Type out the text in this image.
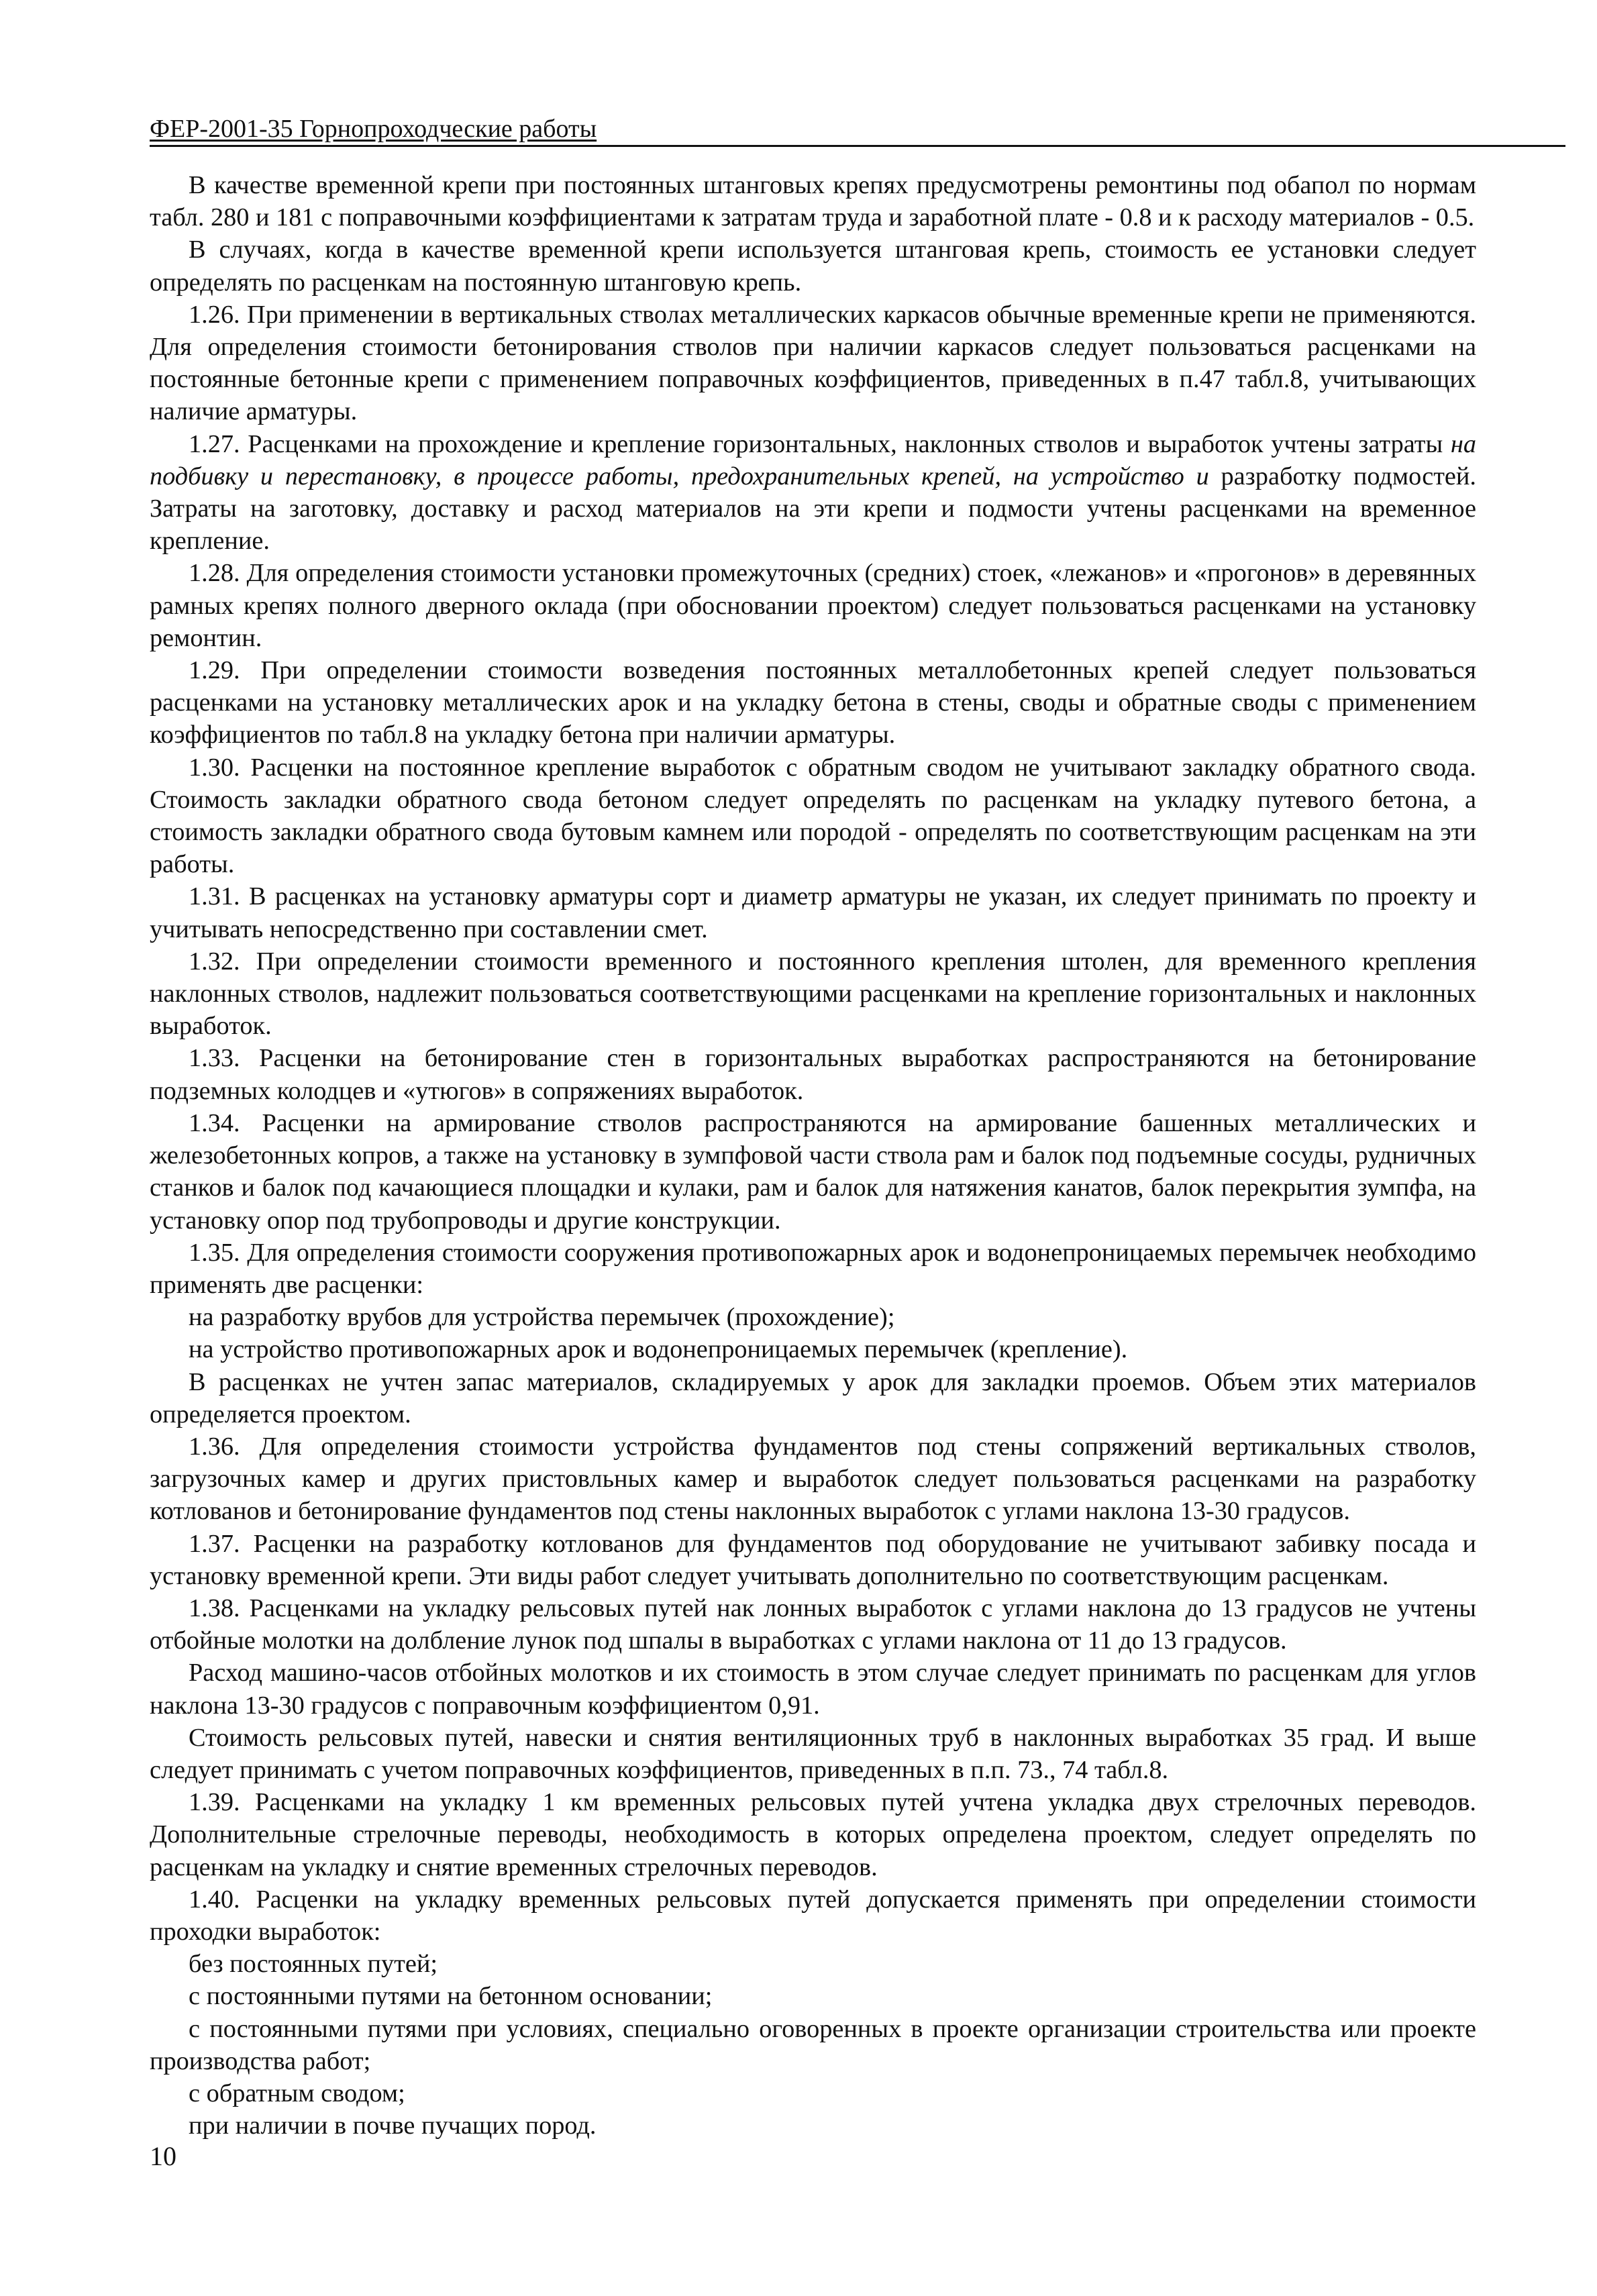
ФЕР-2001-35 Горнопроходческие работы

В качестве временной крепи при постоянных штанговых крепях предусмотрены ремонтины под обапол по нормам табл. 280 и 181 с поправочными коэффициентами к затратам труда и заработной плате - 0.8 и к расходу материалов - 0.5.

В случаях, когда в качестве временной крепи используется штанговая крепь, стоимость ее установки следует определять по расценкам на постоянную штанговую крепь.

1.26. При применении в вертикальных стволах металлических каркасов обычные временные крепи не применяются. Для определения стоимости бетонирования стволов при наличии каркасов следует пользоваться расценками на постоянные бетонные крепи с применением поправочных коэффициентов, приведенных в п.47 табл.8, учитывающих наличие арматуры.

1.27. Расценками на прохождение и крепление горизонтальных, наклонных стволов и выработок учтены затраты на подбивку и перестановку, в процессе работы, предохранительных крепей, на устройство и разработку подмостей. Затраты на заготовку, доставку и расход материалов на эти крепи и подмости учтены расценками на временное крепление.

1.28. Для определения стоимости установки промежуточных (средних) стоек, «лежанов» и «прогонов» в деревянных рамных крепях полного дверного оклада (при обосновании проектом) следует пользоваться расценками на установку ремонтин.

1.29. При определении стоимости возведения постоянных металлобетонных крепей следует пользоваться расценками на установку металлических арок и на укладку бетона в стены, своды и обратные своды с применением коэффициентов по табл.8 на укладку бетона при наличии арматуры.

1.30. Расценки на постоянное крепление выработок с обратным сводом не учитывают закладку обратного свода. Стоимость закладки обратного свода бетоном следует определять по расценкам на укладку путевого бетона, а стоимость закладки обратного свода бутовым камнем или породой - определять по соответствующим расценкам на эти работы.

1.31. В расценках на установку арматуры сорт и диаметр арматуры не указан, их следует принимать по проекту и учитывать непосредственно при составлении смет.

1.32. При определении стоимости временного и постоянного крепления штолен, для временного крепления наклонных стволов, надлежит пользоваться соответствующими расценками на крепление горизонтальных и наклонных выработок.

1.33. Расценки на бетонирование стен в горизонтальных выработках распространяются на бетонирование подземных колодцев и «утюгов» в сопряжениях выработок.

1.34. Расценки на армирование стволов распространяются на армирование башенных металлических и железобетонных копров, а также на установку в зумпфовой части ствола рам и балок под подъемные сосуды, рудничных станков и балок под качающиеся площадки и кулаки, рам и балок для натяжения канатов, балок перекрытия зумпфа, на установку опор под трубопроводы и другие конструкции.

1.35. Для определения стоимости сооружения противопожарных арок и водонепроницаемых перемычек необходимо применять две расценки:

на разработку врубов для устройства перемычек (прохождение);

на устройство противопожарных арок и водонепроницаемых перемычек (крепление).

В расценках не учтен запас материалов, складируемых у арок для закладки проемов. Объем этих материалов определяется проектом.

1.36. Для определения стоимости устройства фундаментов под стены сопряжений вертикальных стволов, загрузочных камер и других пристовльных камер и выработок следует пользоваться расценками на разработку котлованов и бетонирование фундаментов под стены наклонных выработок с углами наклона 13-30 градусов.

1.37. Расценки на разработку котлованов для фундаментов под оборудование не учитывают забивку посада и установку временной крепи. Эти виды работ следует учитывать дополнительно по соответствующим расценкам.

1.38. Расценками на укладку рельсовых путей нак лонных выработок с углами наклона до 13 градусов не учтены отбойные молотки на долбление лунок под шпалы в выработках с углами наклона от 11 до 13 градусов.

Расход машино-часов отбойных молотков и их стоимость в этом случае следует принимать по расценкам для углов наклона 13-30 градусов с поправочным коэффициентом 0,91.

Стоимость рельсовых путей, навески и снятия вентиляционных труб в наклонных выработках 35 град. И выше следует принимать с учетом поправочных коэффициентов, приведенных в п.п. 73., 74 табл.8.

1.39. Расценками на укладку 1 км временных рельсовых путей учтена укладка двух стрелочных переводов. Дополнительные стрелочные переводы, необходимость в которых определена проектом, следует определять по расценкам на укладку и снятие временных стрелочных переводов.

1.40. Расценки на укладку временных рельсовых путей допускается применять при определении стоимости проходки выработок:

без постоянных путей;

с постоянными путями на бетонном основании;

с постоянными путями при условиях, специально оговоренных в проекте организации строительства или проекте производства работ;

с обратным сводом;

при наличии в почве пучащих пород.

10
